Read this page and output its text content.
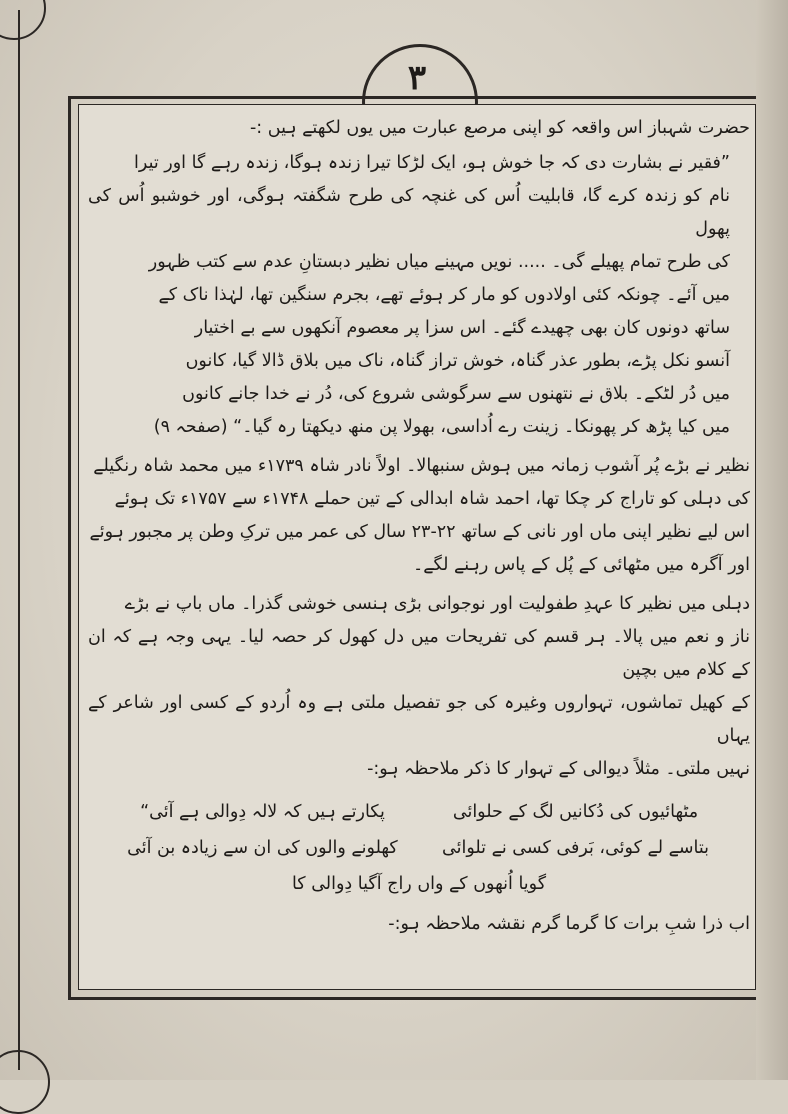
۳

حضرت شہباز اس واقعہ کو اپنی مرصع عبارت میں یوں لکھتے ہیں :-

”فقیر نے بشارت دی کہ جا خوش ہو، ایک لڑکا تیرا زندہ ہوگا، زندہ رہے گا اور تیرا

نام کو زندہ کرے گا، قابلیت اُس کی غنچہ کی طرح شگفتہ ہوگی، اور خوشبو اُس کی پھول

کی طرح تمام پھیلے گی۔ ..... نویں مہینے میاں نظیر دبستانِ عدم سے کتب ظہور

میں آئے۔ چونکہ کئی اولادوں کو مار کر ہوئے تھے، بجرم سنگین تھا، لہٰذا ناک کے

ساتھ دونوں کان بھی چھیدے گئے۔ اس سزا پر معصوم آنکھوں سے بے اختیار

آنسو نکل پڑے، بطور عذر گناہ، خوش تراز گناہ، ناک میں بلاق ڈالا گیا، کانوں

میں دُر لٹکے۔ بلاق نے نتھنوں سے سرگوشی شروع کی، دُر نے خدا جانے کانوں

میں کیا پڑھ کر پھونکا۔ زینت رے اُداسی، بھولا پن منھ دیکھتا رہ گیا۔“ (صفحہ ۹)

نظیر نے بڑے پُر آشوب زمانہ میں ہوش سنبھالا۔ اولاً نادر شاہ ۱۷۳۹ء میں محمد شاہ رنگیلے

کی دہلی کو تاراج کر چکا تھا، احمد شاہ ابدالی کے تین حملے ۱۷۴۸ء سے ۱۷۵۷ء تک ہوئے

اس لیے نظیر اپنی ماں اور نانی کے ساتھ ۲۲-۲۳ سال کی عمر میں ترکِ وطن پر مجبور ہوئے

اور آگرہ میں مٹھائی کے پُل کے پاس رہنے لگے۔

دہلی میں نظیر کا عہدِ طفولیت اور نوجوانی بڑی ہنسی خوشی گذرا۔ ماں باپ نے بڑے

ناز و نعم میں پالا۔ ہر قسم کی تفریحات میں دل کھول کر حصہ لیا۔ یہی وجہ ہے کہ ان کے کلام میں بچپن

کے کھیل تماشوں، تہواروں وغیرہ کی جو تفصیل ملتی ہے وہ اُردو کے کسی اور شاعر کے یہاں

نہیں ملتی۔ مثلاً دیوالی کے تہوار کا ذکر ملاحظہ ہو:-

مٹھائیوں کی دُکانیں لگ کے حلوائی
پکارتے ہیں کہ لالہ دِوالی ہے آئی“
بتاسے لے کوئی، بَرفی کسی نے تلوائی
کھلونے والوں کی ان سے زیادہ بن آئی
گویا اُنھوں کے واں راج آگیا دِوالی کا

اب ذرا شبِ برات کا گرما گرم نقشہ ملاحظہ ہو:-
